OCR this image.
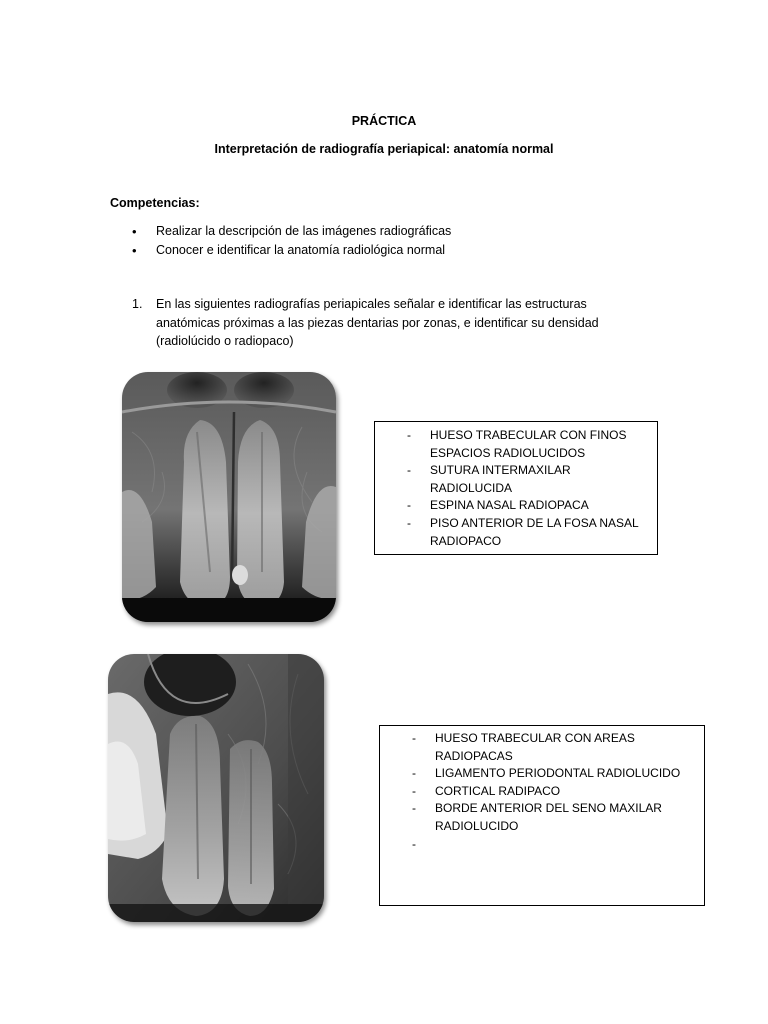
PRÁCTICA
Interpretación de radiografía periapical: anatomía normal
Competencias:
• Realizar la descripción de las imágenes radiográficas
• Conocer e identificar la anatomía radiológica normal
1. En las siguientes radiografías periapicales señalar e identificar las estructuras anatómicas próximas a las piezas dentarias por zonas, e identificar su densidad (radiolúcido o radiopaco)
- HUESO TRABECULAR CON FINOS ESPACIOS RADIOLUCIDOS
- SUTURA INTERMAXILAR RADIOLUCIDA
- ESPINA NASAL RADIOPACA
- PISO ANTERIOR DE LA FOSA NASAL RADIOPACO
- HUESO TRABECULAR CON AREAS RADIOPACAS
- LIGAMENTO PERIODONTAL RADIOLUCIDO
- CORTICAL RADIPACO
- BORDE ANTERIOR DEL SENO MAXILAR RADIOLUCIDO
-
